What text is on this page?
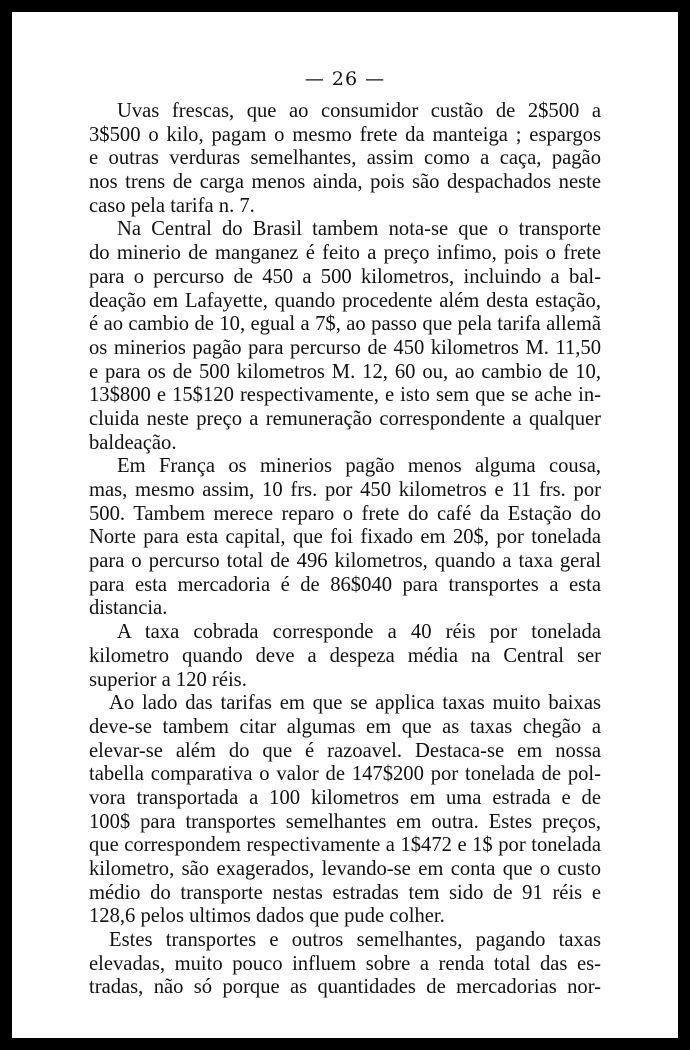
— 26 —
Uvas frescas, que ao consumidor custão de 2$500 a
3$500 o kilo, pagam o mesmo frete da manteiga ; espargos
e outras verduras semelhantes, assim como a caça, pagão
nos trens de carga menos ainda, pois são despachados neste
caso pela tarifa n. 7.
Na Central do Brasil tambem nota-se que o transporte
do minerio de manganez é feito a preço infimo, pois o frete
para o percurso de 450 a 500 kilometros, incluindo a bal-
deação em Lafayette, quando procedente além desta estação,
é ao cambio de 10, egual a 7$, ao passo que pela tarifa allemã
os minerios pagão para percurso de 450 kilometros M. 11,50
e para os de 500 kilometros M. 12, 60 ou, ao cambio de 10,
13$800 e 15$120 respectivamente, e isto sem que se ache in-
cluida neste preço a remuneração correspondente a qualquer
baldeação.
Em França os minerios pagão menos alguma cousa,
mas, mesmo assim, 10 frs. por 450 kilometros e 11 frs. por
500. Tambem merece reparo o frete do café da Estação do
Norte para esta capital, que foi fixado em 20$, por tonelada
para o percurso total de 496 kilometros, quando a taxa geral
para esta mercadoria é de 86$040 para transportes a esta
distancia.
A taxa cobrada corresponde a 40 réis por tonelada
kilometro quando deve a despeza média na Central ser
superior a 120 réis.
Ao lado das tarifas em que se applica taxas muito baixas
deve-se tambem citar algumas em que as taxas chegão a
elevar-se além do que é razoavel. Destaca-se em nossa
tabella comparativa o valor de 147$200 por tonelada de pol-
vora transportada a 100 kilometros em uma estrada e de
100$ para transportes semelhantes em outra. Estes preços,
que correspondem respectivamente a 1$472 e 1$ por tonelada
kilometro, são exagerados, levando-se em conta que o custo
médio do transporte nestas estradas tem sido de 91 réis e
128,6 pelos ultimos dados que pude colher.
Estes transportes e outros semelhantes, pagando taxas
elevadas, muito pouco influem sobre a renda total das es-
tradas, não só porque as quantidades de mercadorias nor-
